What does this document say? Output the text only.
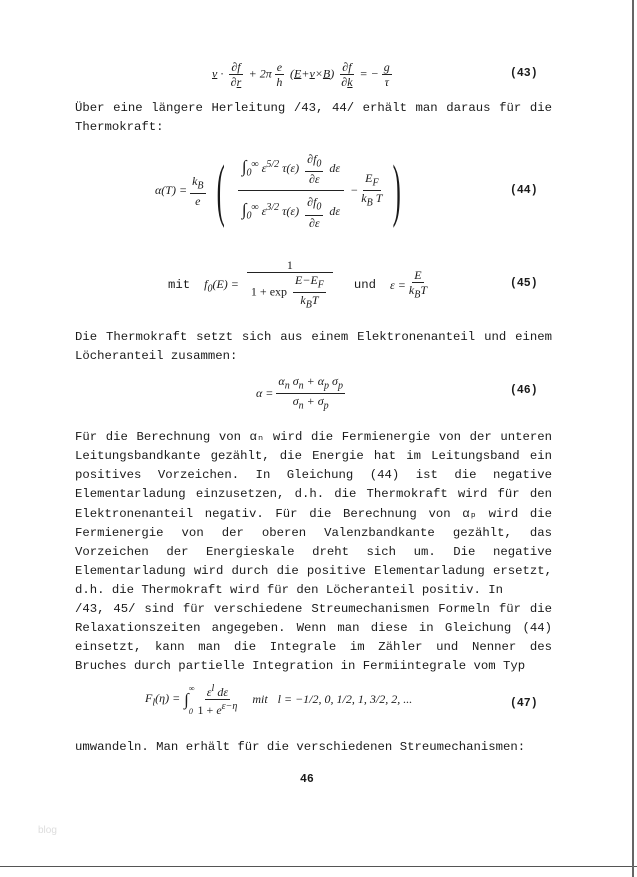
$v \cdot \frac{\partial f}{\partial r} + 2\pi \frac{e}{h} (E+v\times B) \frac{\partial f}{\partial k}$ = − $\frac{g}{\tau}$	(43)
Über eine längere Herleitung /43, 44/ erhält man daraus für die
Thermokraft:
$\alpha(T) = \frac{k_B}{e}$ ( $\frac{\int_0^\infty \varepsilon^{5/2} \tau(\varepsilon) \frac{\partial f_0}{\partial\varepsilon} d\varepsilon}{\int_0^\infty \varepsilon^{3/2} \tau(\varepsilon) \frac{\partial f_0}{\partial\varepsilon} d\varepsilon} - \frac{E_F}{k_B T}$ )	(44)
mit $f_0(E) = \frac{1}{1 + \exp \frac{E-E_F}{k_BT}}$ und $\varepsilon = \frac{E}{k_BT}$	(45)
Die Thermokraft setzt sich aus einem Elektronenanteil und einem
Löcheranteil zusammen:
$\alpha = \frac{\alpha_n \sigma_n + \alpha_p \sigma_p}{\sigma_n + \sigma_p}$	(46)
Für die Berechnung von αₙ wird die Fermienergie von der unteren
Leitungsbandkante gezählt, die Energie hat im Leitungsband ein
positives Vorzeichen. In Gleichung (44) ist die negative
Elementarladung einzusetzen, d.h. die Thermokraft wird für den
Elektronenanteil negativ. Für die Berechnung von αₚ wird die
Fermienergie von der oberen Valenzbandkante gezählt, das
Vorzeichen der Energieskale dreht sich um. Die negative
Elementarladung wird durch die positive Elementarladung ersetzt,
d.h. die Thermokraft wird für den Löcheranteil positiv. In
/43, 45/ sind für verschiedene Streumechanismen Formeln für die
Relaxationszeiten angegeben. Wenn man diese in Gleichung (44)
einsetzt, kann man die Integrale im Zähler und Nenner des
Bruches durch partielle Integration in Fermiintegrale vom Typ
$F_l(\eta)$ = ∫
∞
$0 \frac{\varepsilon^l d\varepsilon}{1 + e^{\varepsilon-\eta}}$ mit l = −1/2, 0, 1/2, 1, 3/2, 2, ...	(47)
umwandeln. Man erhält für die verschiedenen Streumechanismen:
46
blog
